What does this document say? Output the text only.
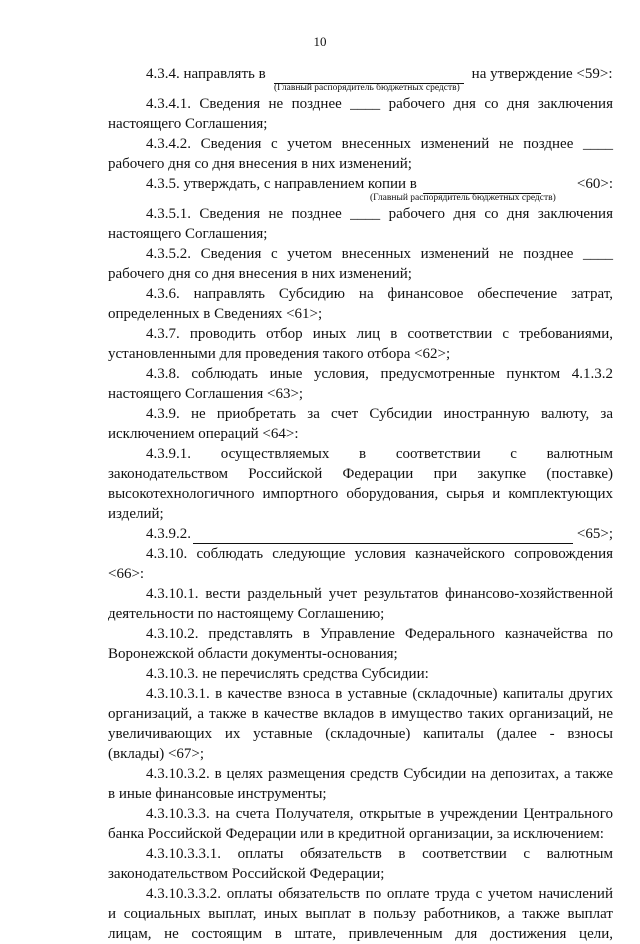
10
4.3.4. направлять в	на утверждение <59>:
(Главный распорядитель бюджетных средств)
4.3.4.1. Сведения не позднее ____ рабочего дня со дня заключения
настоящего Соглашения;
4.3.4.2. Сведения с учетом внесенных изменений не позднее ____
рабочего дня со дня внесения в них изменений;
4.3.5. утверждать, с направлением копии в	<60>:
(Главный распорядитель бюджетных средств)
4.3.5.1. Сведения не позднее ____ рабочего дня со дня заключения
настоящего Соглашения;
4.3.5.2. Сведения с учетом внесенных изменений не позднее ____
рабочего дня со дня внесения в них изменений;
4.3.6. направлять Субсидию на финансовое обеспечение затрат,
определенных в Сведениях <61>;
4.3.7. проводить отбор иных лиц в соответствии с требованиями,
установленными для проведения такого отбора <62>;
4.3.8. соблюдать иные условия, предусмотренные пунктом 4.1.3.2
настоящего Соглашения <63>;
4.3.9. не приобретать за счет Субсидии иностранную валюту, за
исключением операций <64>:
4.3.9.1. осуществляемых в соответствии с валютным
законодательством Российской Федерации при закупке (поставке)
высокотехнологичного импортного оборудования, сырья и комплектующих
изделий;
4.3.9.2.	<65>;
4.3.10. соблюдать следующие условия казначейского сопровождения
<66>:
4.3.10.1. вести раздельный учет результатов финансово-хозяйственной
деятельности по настоящему Соглашению;
4.3.10.2. представлять в Управление Федерального казначейства по
Воронежской области документы-основания;
4.3.10.3. не перечислять средства Субсидии:
4.3.10.3.1. в качестве взноса в уставные (складочные) капиталы других
организаций, а также в качестве вкладов в имущество таких организаций, не
увеличивающих их уставные (складочные) капиталы (далее - взносы
(вклады) <67>;
4.3.10.3.2. в целях размещения средств Субсидии на депозитах, а также
в иные финансовые инструменты;
4.3.10.3.3. на счета Получателя, открытые в учреждении Центрального
банка Российской Федерации или в кредитной организации, за исключением:
4.3.10.3.3.1. оплаты обязательств в соответствии с валютным
законодательством Российской Федерации;
4.3.10.3.3.2. оплаты обязательств по оплате труда с учетом начислений
и социальных выплат, иных выплат в пользу работников, а также выплат
лицам, не состоящим в штате, привлеченным для достижения цели,
